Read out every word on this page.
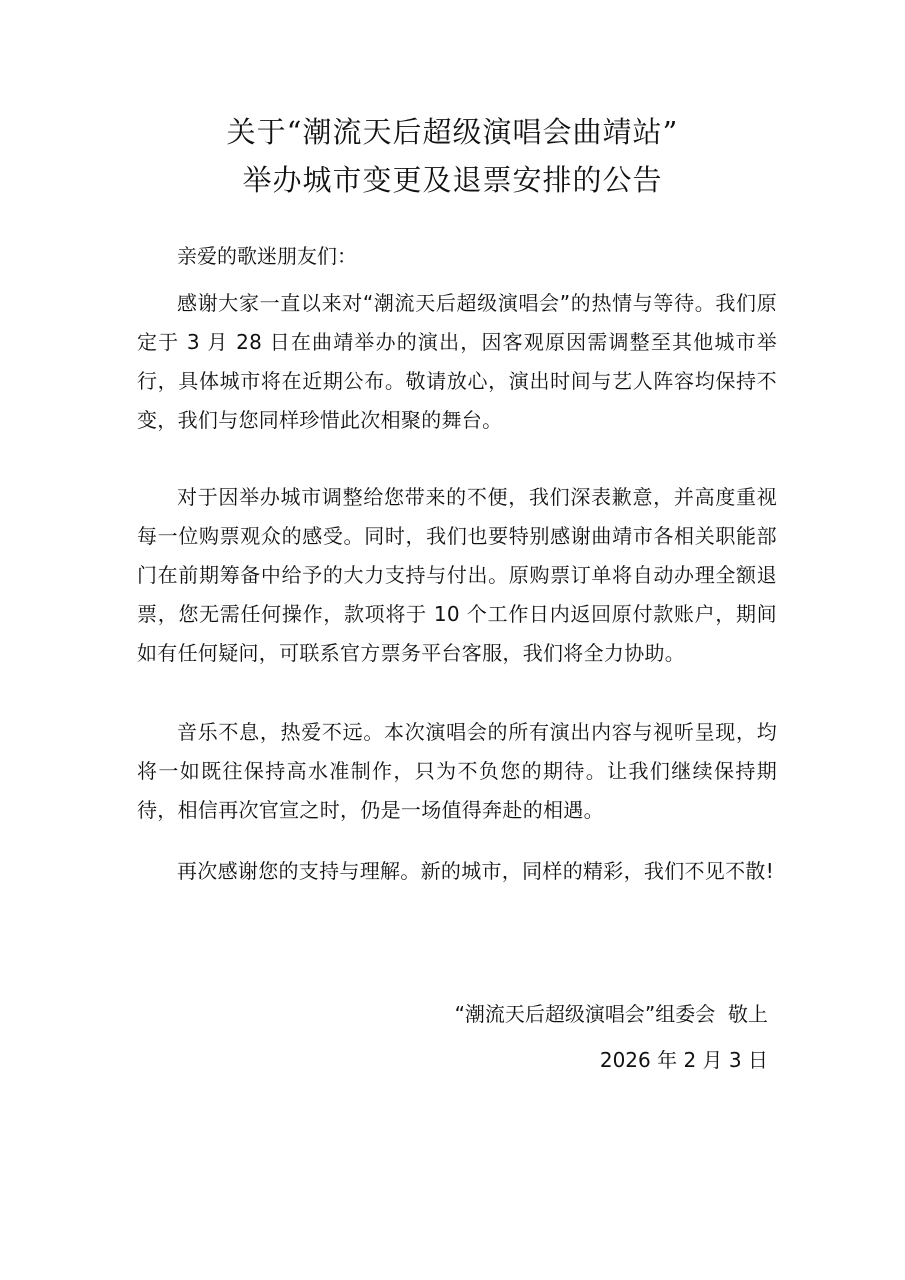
关于“潮流天后超级演唱会曲靖站”
举办城市变更及退票安排的公告
亲爱的歌迷朋友们：
感谢大家一直以来对“潮流天后超级演唱会”的热情与等待。我们原定于 3 月 28 日在曲靖举办的演出，因客观原因需调整至其他城市举行，具体城市将在近期公布。敬请放心，演出时间与艺人阵容均保持不变，我们与您同样珍惜此次相聚的舞台。
对于因举办城市调整给您带来的不便，我们深表歉意，并高度重视每一位购票观众的感受。同时，我们也要特别感谢曲靖市各相关职能部门在前期筹备中给予的大力支持与付出。原购票订单将自动办理全额退票，您无需任何操作，款项将于 10 个工作日内返回原付款账户，期间如有任何疑问，可联系官方票务平台客服，我们将全力协助。
音乐不息，热爱不远。本次演唱会的所有演出内容与视听呈现，均将一如既往保持高水准制作，只为不负您的期待。让我们继续保持期待，相信再次官宣之时，仍是一场值得奔赴的相遇。
再次感谢您的支持与理解。新的城市，同样的精彩，我们不见不散!
“潮流天后超级演唱会”组委会  敬上
2026 年 2 月 3 日
